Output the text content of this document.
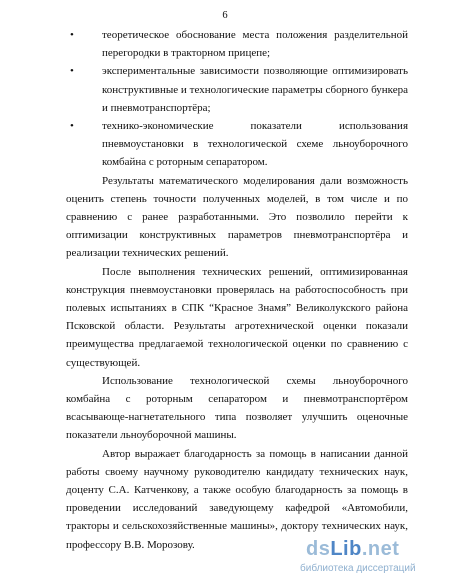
6
•	теоретическое обоснование места положения разделительной перегородки в тракторном прицепе;
•	экспериментальные зависимости позволяющие оптимизировать конструктивные и технологические параметры сборного бункера и пневмотранспортёра;
•	технико-экономические показатели использования пневмоустановки в технологической схеме льноуборочного комбайна с роторным сепаратором.

Результаты математического моделирования дали возможность оценить степень точности полученных моделей, в том числе и по сравнению с ранее разработанными. Это позволило перейти к оптимизации конструктивных параметров пневмотранспортёра и реализации технических решений.

После выполнения технических решений, оптимизированная конструкция пневмоустановки проверялась на работоспособность при полевых испытаниях в СПК “Красное Знамя” Великолукского района Псковской области. Результаты агротехнической оценки показали преимущества предлагаемой технологической оценки по сравнению с существующей.

Использование технологической схемы льноуборочного комбайна с роторным сепаратором и пневмотранспортёром всасывающе-нагнетательного типа позволяет улучшить оценочные показатели льноуборочной машины.

Автор выражает благодарность за помощь в написании данной работы своему научному руководителю кандидату технических наук, доценту С.А. Катченкову, а также особую благодарность за помощь в проведении исследований заведующему кафедрой «Автомобили, тракторы и сельскохозяйственные машины», доктору технических наук, профессору В.В. Морозову.	dsLib.net
библиотека диссертаций
